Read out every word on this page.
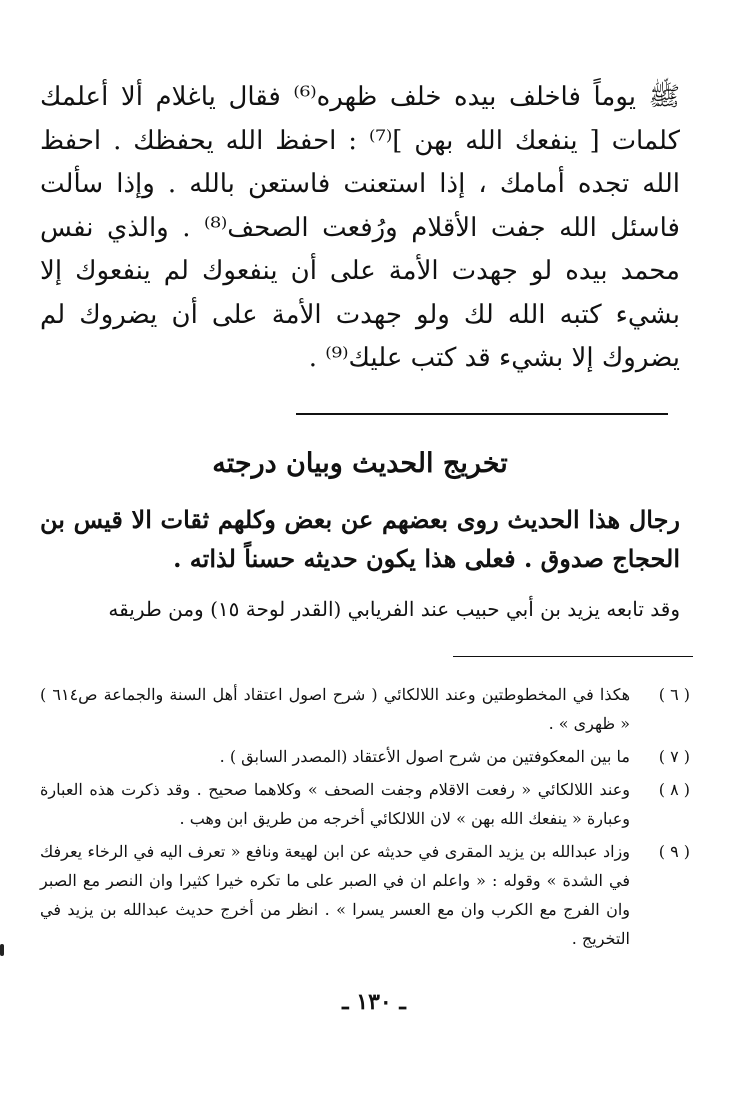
ﷺ يوماً فاخلف بيده خلف ظهره⁽⁶⁾ فقال ياغلام ألا أعلمك كلمات [ ينفعك الله بهن ]⁽⁷⁾ : احفظ الله يحفظك . احفظ الله تجده أمامك ، إذا استعنت فاستعن بالله . وإذا سألت فاسئل الله جفت الأقلام ورُفعت الصحف⁽⁸⁾ . والذي نفس محمد بيده لو جهدت الأمة على أن ينفعوك لم ينفعوك إلا بشيء كتبه الله لك ولو جهدت الأمة على أن يضروك لم يضروك إلا بشيء قد كتب عليك⁽⁹⁾ .

تخريج الحديث وبيان درجته

رجال هذا الحديث روى بعضهم عن بعض وكلهم ثقات الا قيس بن الحجاج صدوق . فعلى هذا يكون حديثه حسناً لذاته .

وقد تابعه يزيد بن أبي حبيب عند الفريابي (القدر لوحة ١٥) ومن طريقه

( ٦ )
هكذا في المخطوطتين وعند اللالكائي ( شرح اصول اعتقاد أهل السنة والجماعة ص٦١٤ ) « ظهرى » .
( ٧ )
ما بين المعكوفتين من شرح اصول الأعتقاد (المصدر السابق ) .
( ٨ )
وعند اللالكائي « رفعت الاقلام وجفت الصحف » وكلاهما صحيح . وقد ذكرت هذه العبارة وعبارة « ينفعك الله بهن » لان اللالكائي أخرجه من طريق ابن وهب .
( ٩ )
وزاد عبدالله بن يزيد المقرى في حديثه عن ابن لهيعة ونافع « تعرف اليه في الرخاء يعرفك في الشدة » وقوله : « واعلم ان في الصبر على ما تكره خيرا كثيرا وان النصر مع الصبر وان الفرج مع الكرب وان مع العسر يسرا » . انظر من أخرج حديث عبدالله بن يزيد في التخريج .
ـ ١٣٠ ـ
